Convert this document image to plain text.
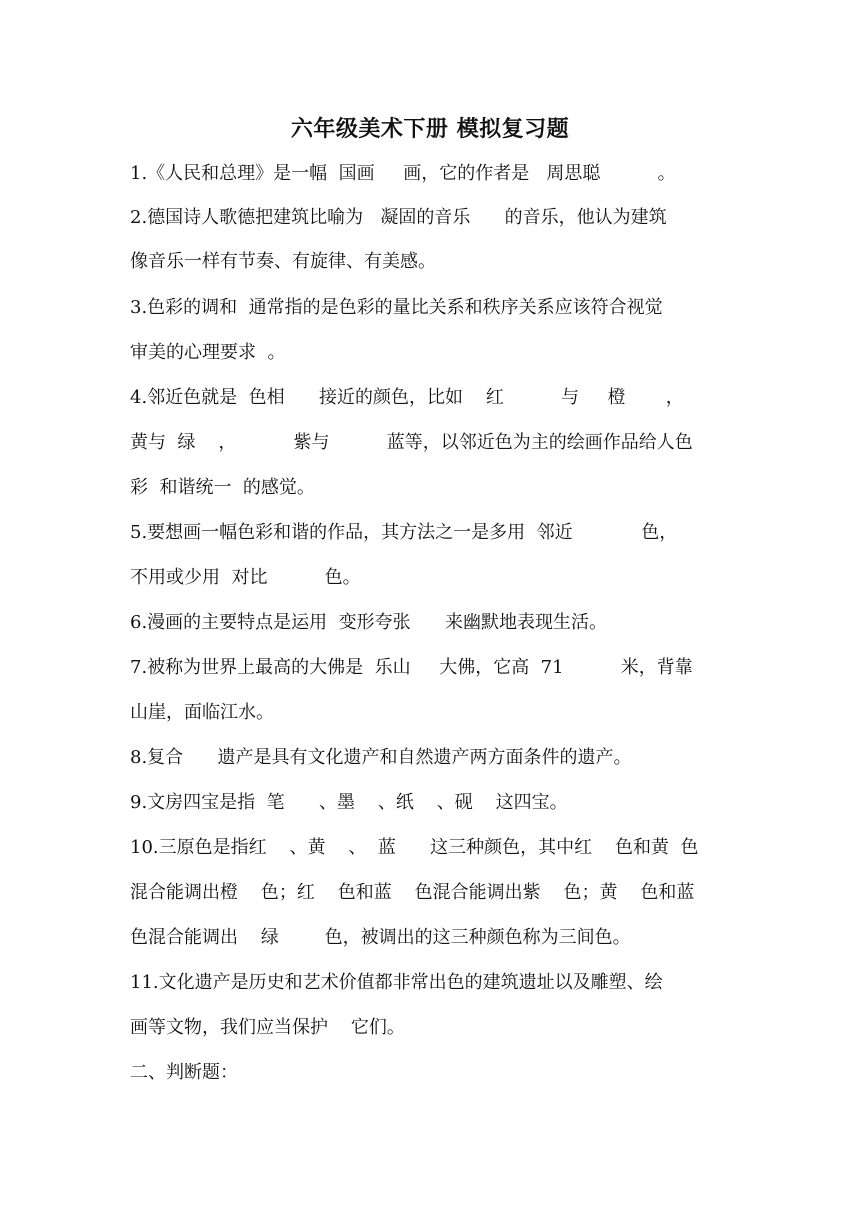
六年级美术下册 模拟复习题
1.《人民和总理》是一幅  国画     画，它的作者是   周思聪          。
2.德国诗人歌德把建筑比喻为   凝固的音乐      的音乐，他认为建筑
像音乐一样有节奏、有旋律、有美感。
3.色彩的调和  通常指的是色彩的量比关系和秩序关系应该符合视觉
审美的心理要求  。
4.邻近色就是  色相      接近的颜色，比如    红          与     橙       ，
黄与  绿    ，          紫与          蓝等，以邻近色为主的绘画作品给人色
彩  和谐统一  的感觉。
5.要想画一幅色彩和谐的作品，其方法之一是多用  邻近            色，
不用或少用  对比          色。
6.漫画的主要特点是运用  变形夸张      来幽默地表现生活。
7.被称为世界上最高的大佛是  乐山     大佛，它高  71          米，背靠
山崖，面临江水。
8.复合      遗产是具有文化遗产和自然遗产两方面条件的遗产。
9.文房四宝是指  笔      、墨    、纸    、砚    这四宝。
10.三原色是指红    、黄    、  蓝      这三种颜色，其中红    色和黄  色
混合能调出橙    色；红    色和蓝    色混合能调出紫    色；黄    色和蓝
色混合能调出    绿        色，被调出的这三种颜色称为三间色。
11.文化遗产是历史和艺术价值都非常出色的建筑遗址以及雕塑、绘
画等文物，我们应当保护    它们。
二、判断题：
